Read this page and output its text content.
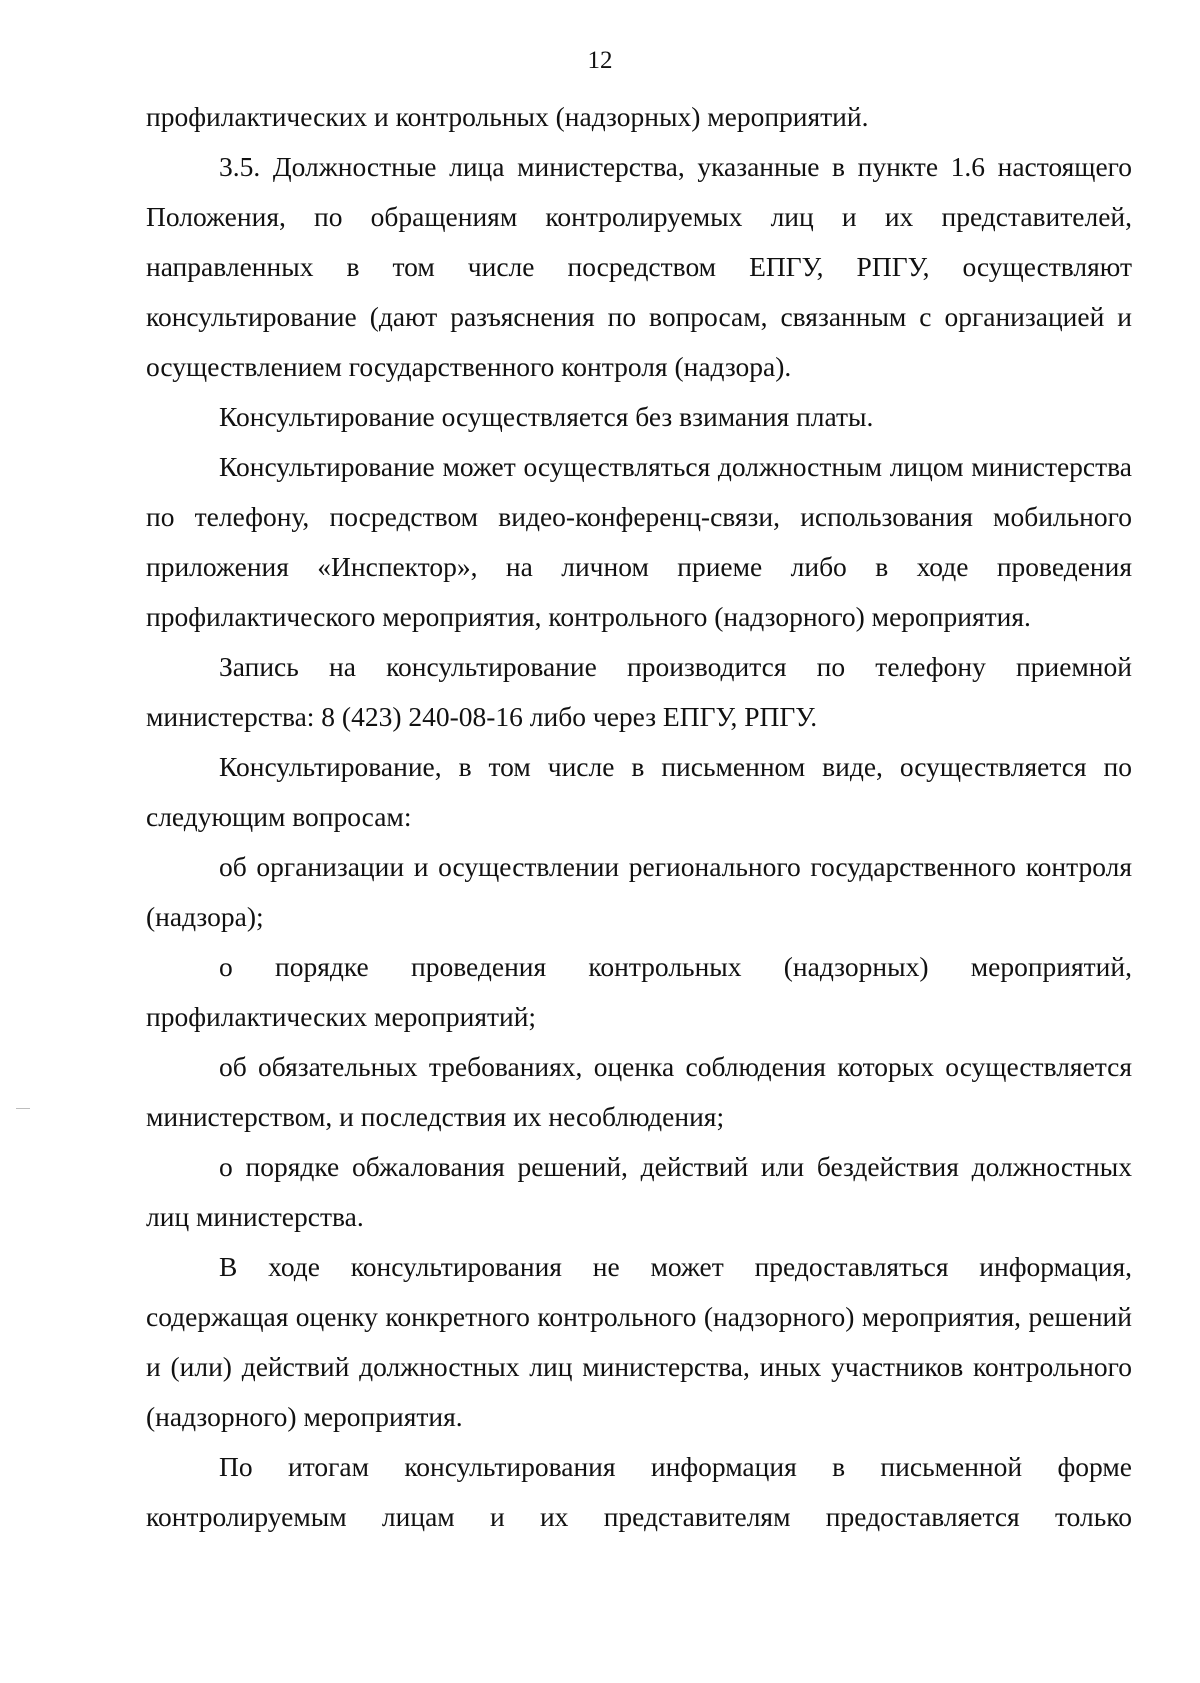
12

профилактических и контрольных (надзорных) мероприятий.

3.5. Должностные лица министерства, указанные в пункте 1.6 настоящего Положения, по обращениям контролируемых лиц и их представителей, направленных в том числе посредством ЕПГУ, РПГУ, осуществляют консультирование (дают разъяснения по вопросам, связанным с организацией и осуществлением государственного контроля (надзора).

Консультирование осуществляется без взимания платы.

Консультирование может осуществляться должностным лицом министерства по телефону, посредством видео-конференц-связи, использования мобильного приложения «Инспектор», на личном приеме либо в ходе проведения профилактического мероприятия, контрольного (надзорного) мероприятия.

Запись на консультирование производится по телефону приемной министерства: 8 (423) 240-08-16 либо через ЕПГУ, РПГУ.

Консультирование, в том числе в письменном виде, осуществляется по следующим вопросам:

об организации и осуществлении регионального государственного контроля (надзора);

о порядке проведения контрольных (надзорных) мероприятий, профилактических мероприятий;

об обязательных требованиях, оценка соблюдения которых осуществляется министерством, и последствия их несоблюдения;

о порядке обжалования решений, действий или бездействия должностных лиц министерства.

В ходе консультирования не может предоставляться информация, содержащая оценку конкретного контрольного (надзорного) мероприятия, решений и (или) действий должностных лиц министерства, иных участников контрольного (надзорного) мероприятия.

По итогам консультирования информация в письменной форме контролируемым лицам и их представителям предоставляется только
